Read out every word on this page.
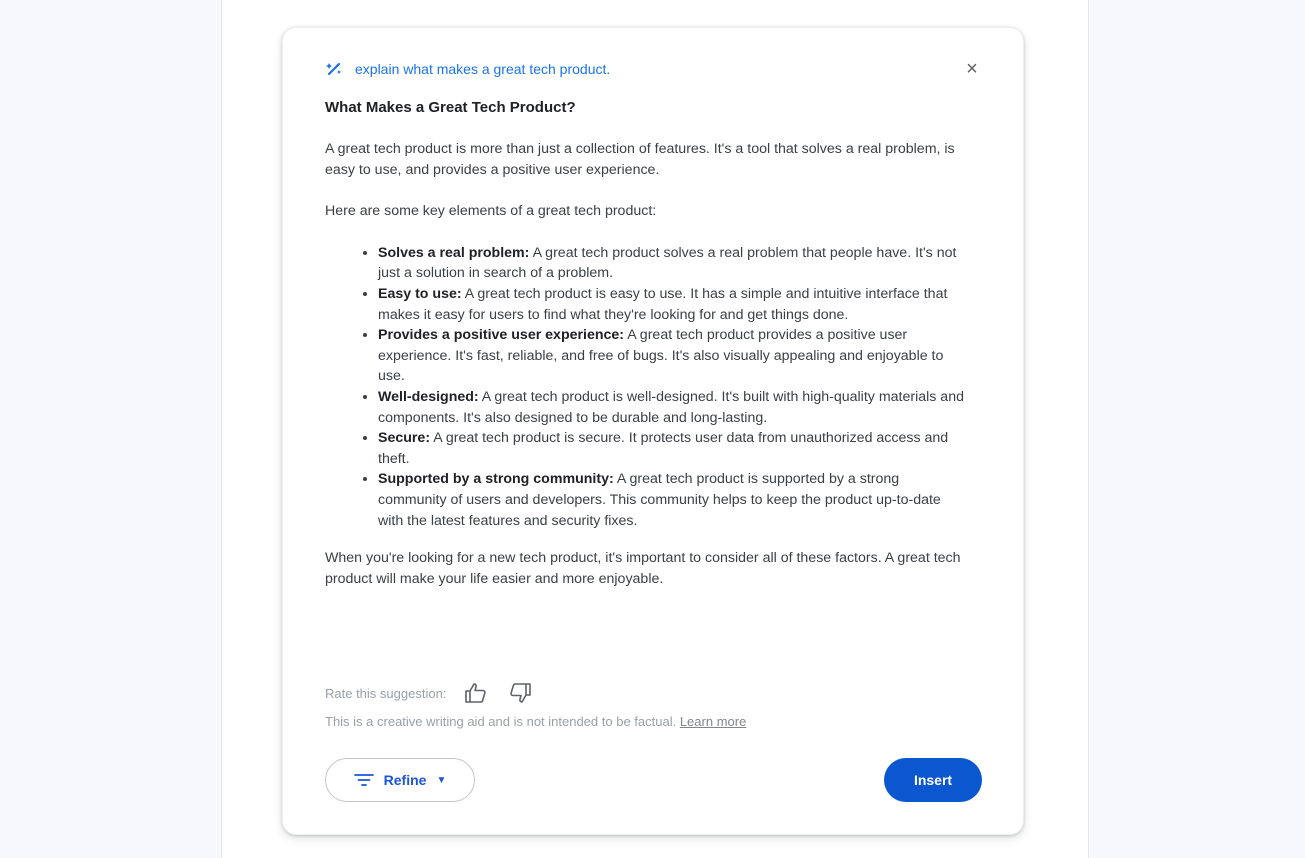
explain what makes a great tech product.	×
What Makes a Great Tech Product?

A great tech product is more than just a collection of features. It's a tool that solves a real problem, is easy to use, and provides a positive user experience.

Here are some key elements of a great tech product:

• Solves a real problem: A great tech product solves a real problem that people have. It's not just a solution in search of a problem.
• Easy to use: A great tech product is easy to use. It has a simple and intuitive interface that makes it easy for users to find what they're looking for and get things done.
• Provides a positive user experience: A great tech product provides a positive user experience. It's fast, reliable, and free of bugs. It's also visually appealing and enjoyable to use.
• Well-designed: A great tech product is well-designed. It's built with high-quality materials and components. It's also designed to be durable and long-lasting.
• Secure: A great tech product is secure. It protects user data from unauthorized access and theft.
• Supported by a strong community: A great tech product is supported by a strong community of users and developers. This community helps to keep the product up-to-date with the latest features and security fixes.

When you're looking for a new tech product, it's important to consider all of these factors. A great tech product will make your life easier and more enjoyable.

Rate this suggestion:
This is a creative writing aid and is not intended to be factual. Learn more
Refine ▼	Insert
